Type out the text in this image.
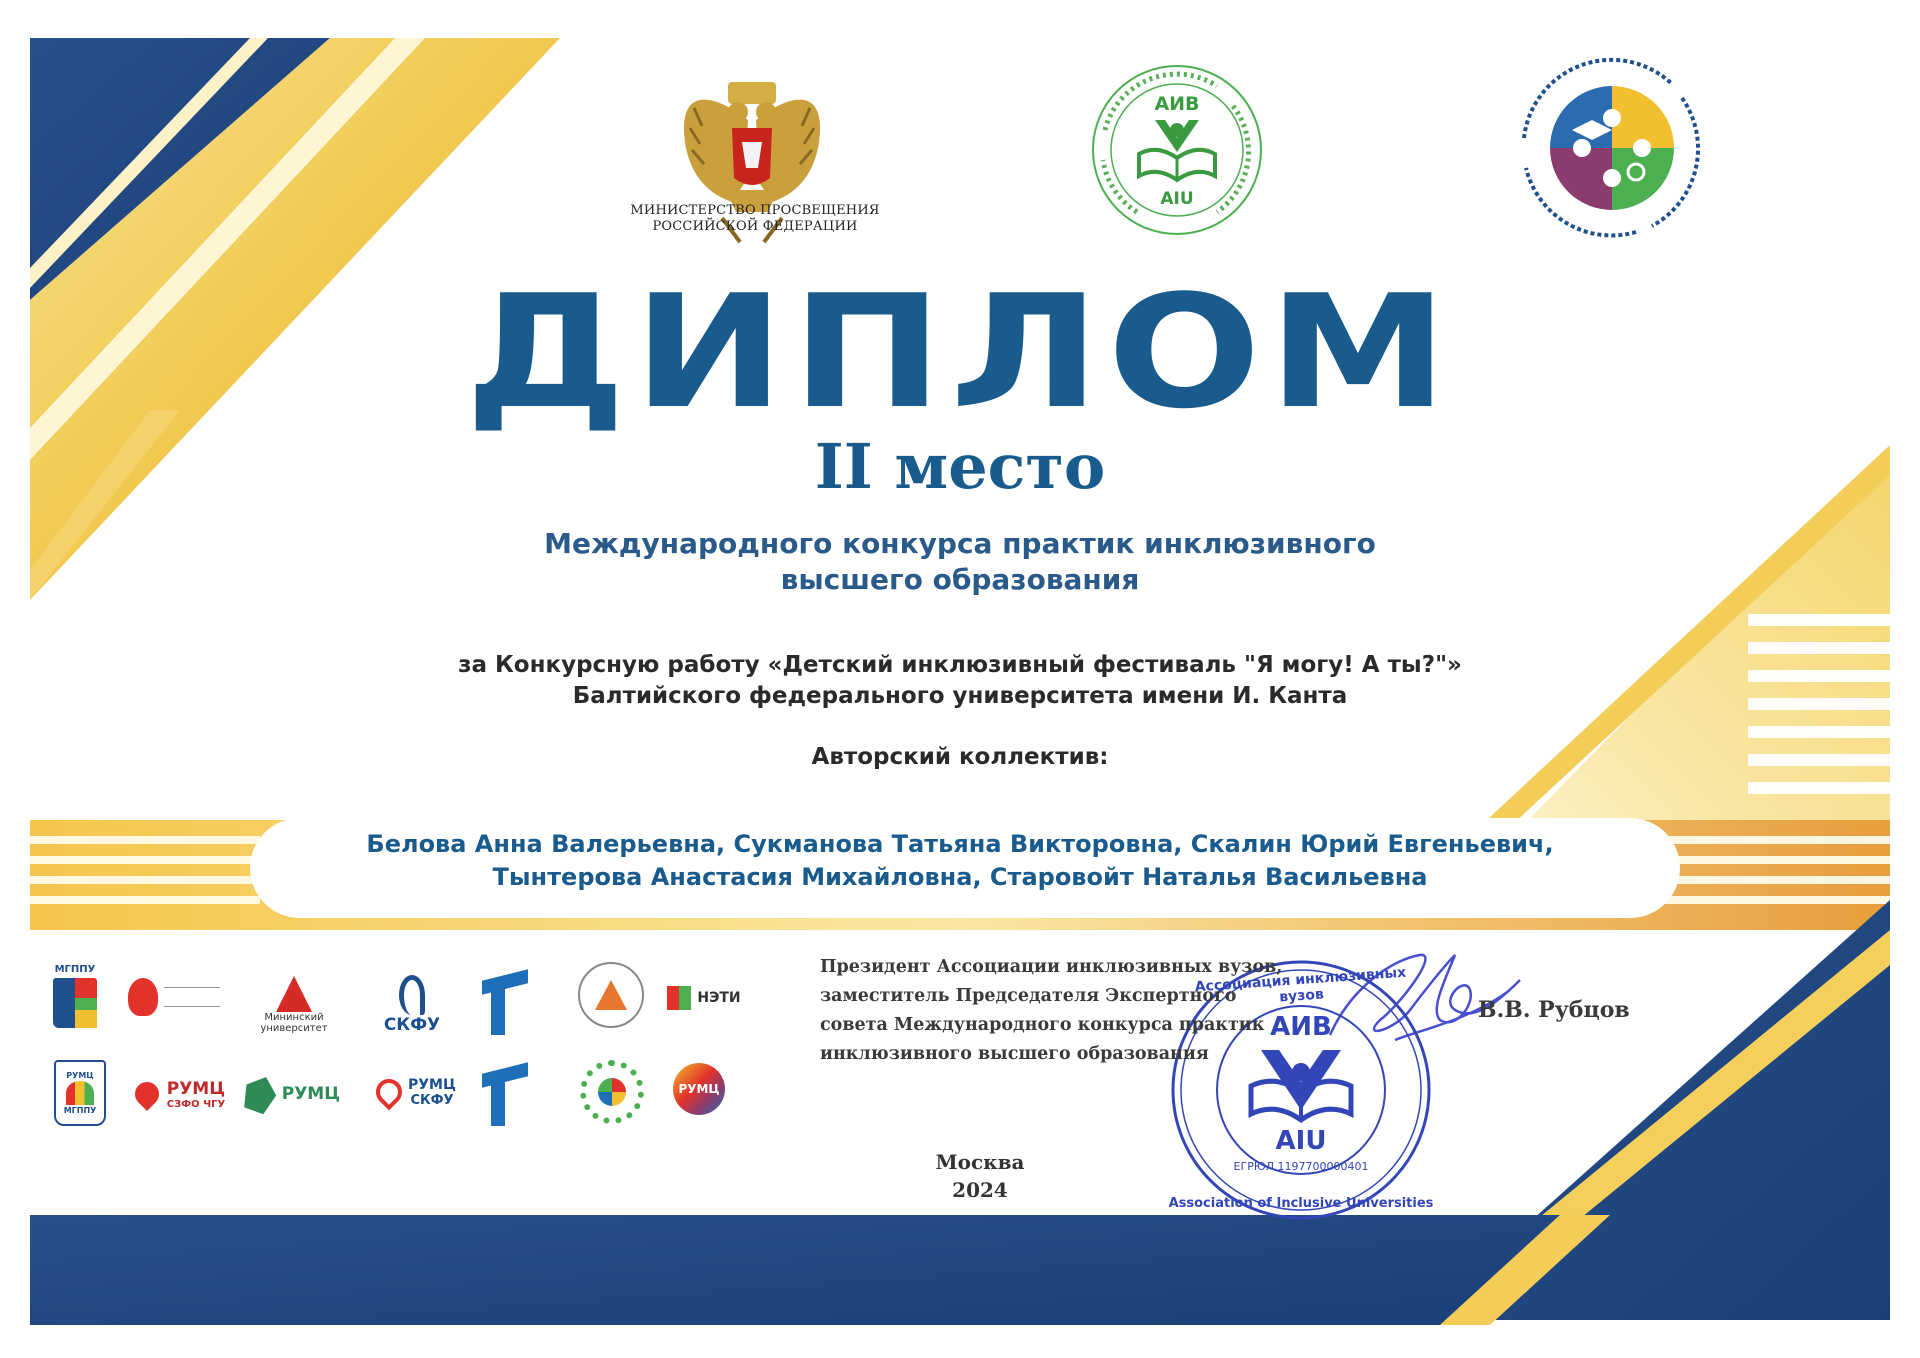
АИВ
AIU
АИВ
AIU
ЕГРЮЛ 1197700000401
Ассоциация инклюзивных вузов
Association of Inclusive Universities
МИНИСТЕРСТВО ПРОСВЕЩЕНИЯ
РОССИЙСКОЙ ФЕДЕРАЦИИ
ДИПЛОМ
II место
Международного конкурса практик инклюзивного
высшего образования
за Конкурсную работу «Детский инклюзивный фестиваль "Я могу! А ты?"»
Балтийского федерального университета имени И. Канта
Авторский коллектив:
Белова Анна Валерьевна, Сукманова Татьяна Викторовна, Скалин Юрий Евгеньевич,
Тынтерова Анастасия Михайловна, Старовойт Наталья Васильевна
Президент Ассоциации инклюзивных вузов,
заместитель Председателя Экспертного
совета Международного конкурса практик
инклюзивного высшего образования
В.В. Рубцов
Москва
2024
МГППУ
Мининский
университет	СКФУ
НЭТИ
РУМЦ
МГППУ
РУМЦ
СЗФО ЧГУ	РУМЦ	РУМЦ
СКФУ
РУМЦ
